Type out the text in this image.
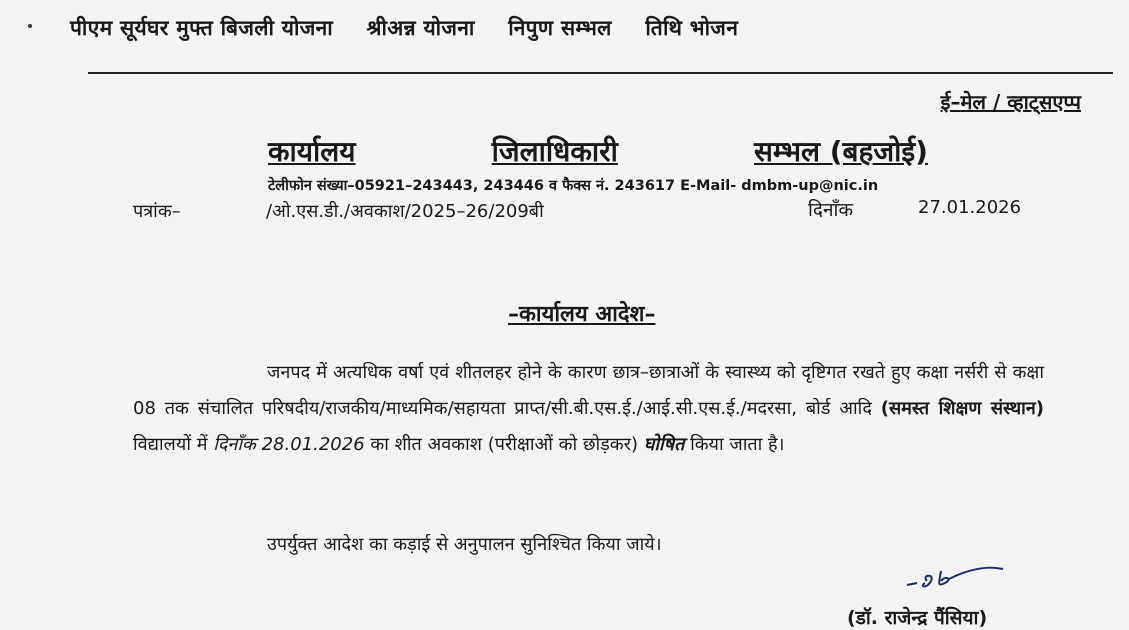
पीएम सूर्यघर मुफ्त बिजली योजना श्रीअन्न योजना निपुण सम्भल तिथि भोजन
ई–मेल / व्हाट्सएप्प
कार्यालय	जिलाधिकारी	सम्भल (बहजोई)
टेलीफोन संख्या–05921–243443, 243446 व फैक्स नं. 243617 E-Mail- dmbm-up@nic.in
पत्रांक–	/ओ.एस.डी./अवकाश/2025–26/209बी	दिनाँक	27.01.2026
–कार्यालय आदेश–

जनपद में अत्यधिक वर्षा एवं शीतलहर होने के कारण छात्र–छात्राओं के स्वास्थ्य को दृष्टिगत रखते हुए कक्षा नर्सरी से कक्षा 08 तक संचालित परिषदीय/राजकीय/माध्यमिक/सहायता प्राप्त/सी.बी.एस.ई./आई.सी.एस.ई./मदरसा, बोर्ड आदि (समस्त शिक्षण संस्थान) विद्यालयों में दिनाँक 28.01.2026 का शीत अवकाश (परीक्षाओं को छोड़कर) घोषित किया जाता है।

उपर्युक्त आदेश का कड़ाई से अनुपालन सुनिश्चित किया जाये।
(डॉ. राजेन्द्र पैंसिया)
